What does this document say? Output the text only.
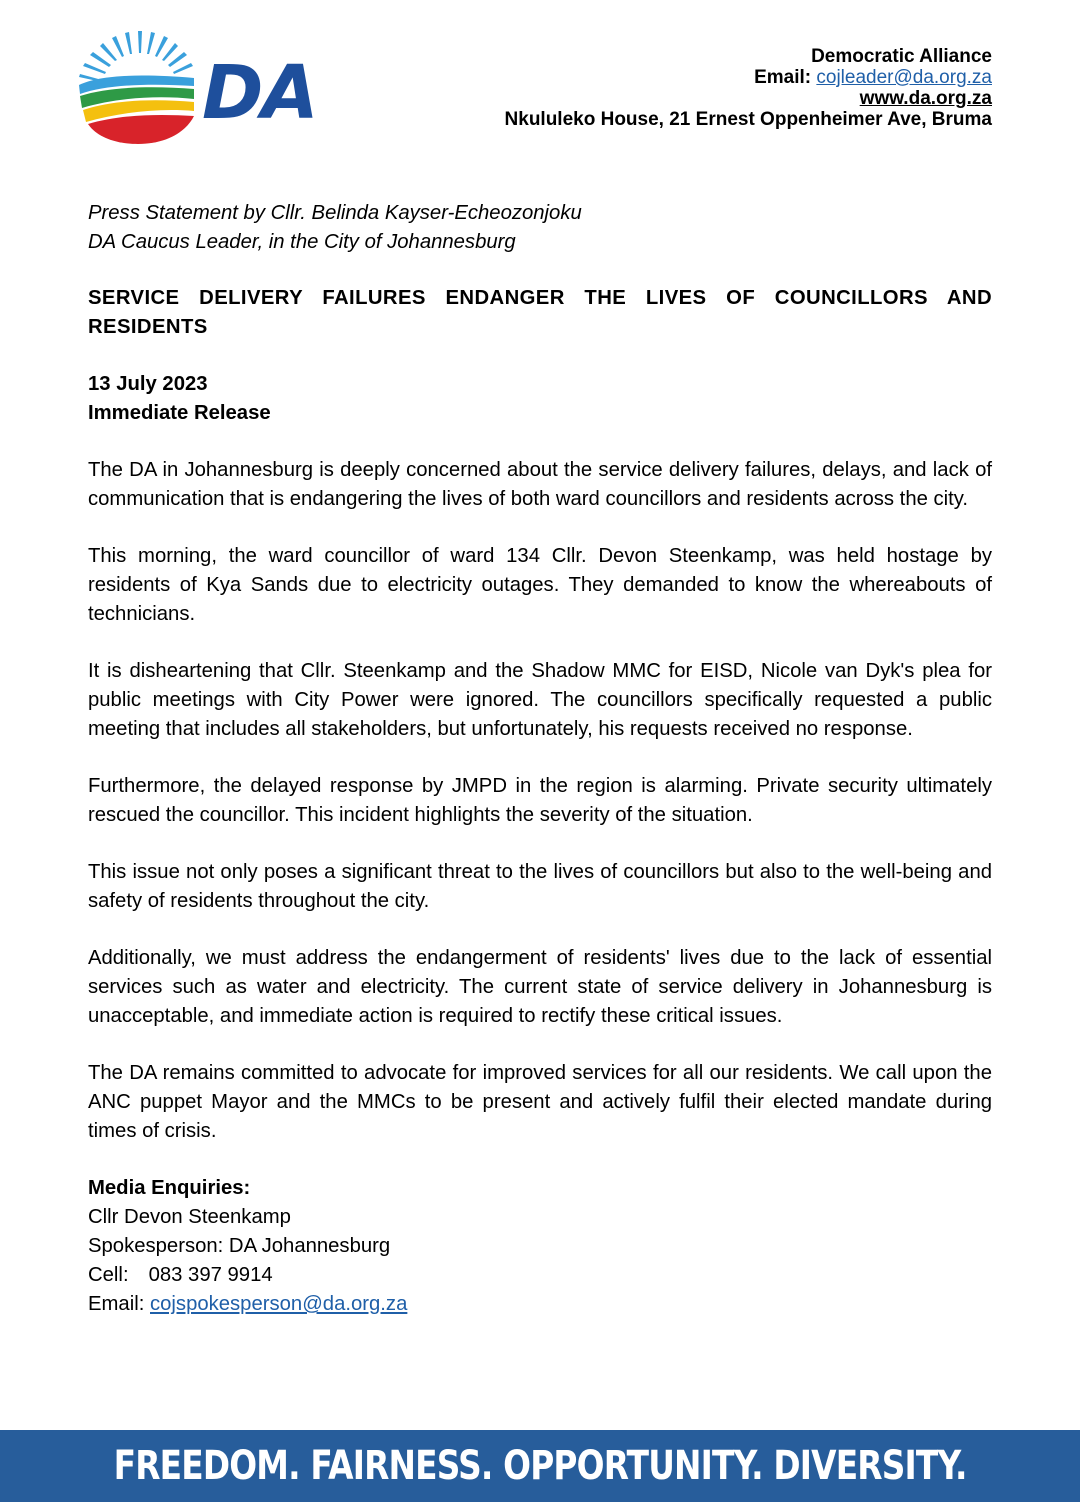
DA	Democratic Alliance
Email: cojleader@da.org.za
www.da.org.za
Nkululeko House, 21 Ernest Oppenheimer Ave, Bruma

Press Statement by Cllr. Belinda Kayser-Echeozonjoku

DA Caucus Leader, in the City of Johannesburg

SERVICE DELIVERY FAILURES ENDANGER THE LIVES OF COUNCILLORS AND RESIDENTS

13 July 2023
Immediate Release

The DA in Johannesburg is deeply concerned about the service delivery failures, delays, and lack of communication that is endangering the lives of both ward councillors and residents across the city.

This morning, the ward councillor of ward 134 Cllr. Devon Steenkamp, was held hostage by residents of Kya Sands due to electricity outages. They demanded to know the whereabouts of technicians.

It is disheartening that Cllr. Steenkamp and the Shadow MMC for EISD, Nicole van Dyk's plea for public meetings with City Power were ignored. The councillors specifically requested a public meeting that includes all stakeholders, but unfortunately, his requests received no response.

Furthermore, the delayed response by JMPD in the region is alarming. Private security ultimately rescued the councillor. This incident highlights the severity of the situation.

This issue not only poses a significant threat to the lives of councillors but also to the well-being and safety of residents throughout the city.

Additionally, we must address the endangerment of residents' lives due to the lack of essential services such as water and electricity. The current state of service delivery in Johannesburg is unacceptable, and immediate action is required to rectify these critical issues.

The DA remains committed to advocate for improved services for all our residents. We call upon the ANC puppet Mayor and the MMCs to be present and actively fulfil their elected mandate during times of crisis.

Media Enquiries:
Cllr Devon Steenkamp
Spokesperson: DA Johannesburg
Cell: 083 397 9914
Email: cojspokesperson@da.org.za
FREEDOM. FAIRNESS. OPPORTUNITY. DIVERSITY.
